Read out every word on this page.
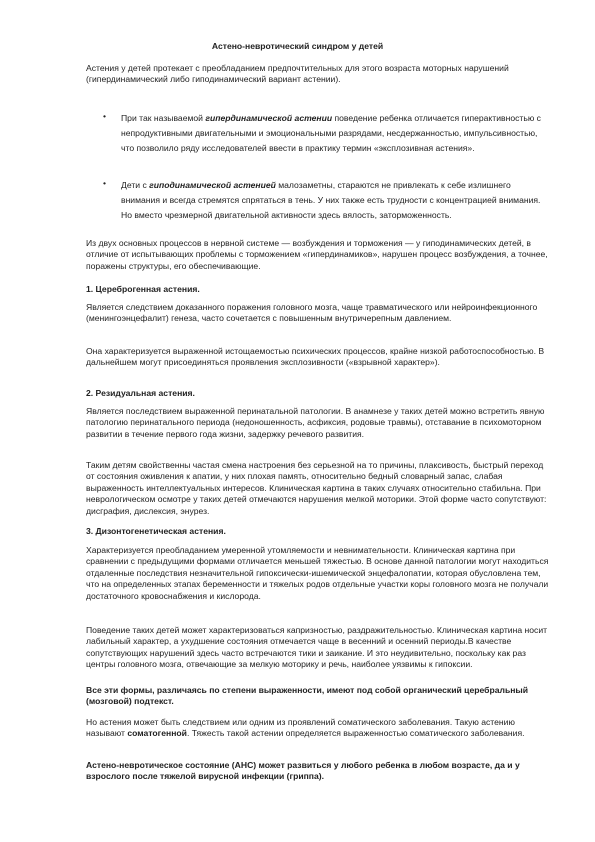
Астено-невротический синдром у детей

Астения у детей протекает с преобладанием предпочтительных для этого возраста моторных нарушений (гипердинамический либо гиподинамический вариант астении).

•	При так называемой гипердинамической астении поведение ребенка отличается гиперактивностью с непродуктивными двигательными и эмоциональными разрядами, несдержанностью, импульсивностью, что позволило ряду исследователей ввести в практику термин «эксплозивная астения».
•	Дети с гиподинамической астенией малозаметны, стараются не привлекать к себе излишнего внимания и всегда стремятся спрятаться в тень. У них также есть трудности с концентрацией внимания. Но вместо чрезмерной двигательной активности здесь вялость, заторможенность.

Из двух основных процессов в нервной системе — возбуждения и торможения — у гиподинамических детей, в отличие от испытывающих проблемы с торможением «гипердинамиков», нарушен процесс возбуждения, а точнее, поражены структуры, его обеспечивающие.

1. Цереброгенная астения.

Является следствием доказанного поражения головного мозга, чаще травматического или нейроинфекционного (менингоэнцефалит) генеза, часто сочетается с повышенным внутричерепным давлением.

Она характеризуется выраженной истощаемостью психических процессов, крайне низкой работоспособностью. В дальнейшем могут присоединяться проявления эксплозивности («взрывной характер»).

2. Резидуальная астения.

Является последствием выраженной перинатальной патологии. В анамнезе у таких детей можно встретить явную патологию перинатального периода (недоношенность, асфиксия, родовые травмы), отставание в психомоторном развитии в течение первого года жизни, задержку речевого развития.

Таким детям свойственны частая смена настроения без серьезной на то причины, плаксивость, быстрый переход от состояния оживления к апатии, у них плохая память, относительно бедный словарный запас, слабая выраженность интеллектуальных интересов. Клиническая картина в таких случаях относительно стабильна. При неврологическом осмотре у таких детей отмечаются нарушения мелкой моторики. Этой форме часто сопутствуют: дисграфия, дислексия, энурез.

3. Дизонтогенетическая астения.

Характеризуется преобладанием умеренной утомляемости и невнимательности. Клиническая картина при сравнении с предыдущими формами отличается меньшей тяжестью. В основе данной патологии могут находиться отдаленные последствия незначительной гипоксически-ишемической энцефалопатии, которая обусловлена тем, что на определенных этапах беременности и тяжелых родов отдельные участки коры головного мозга не получали достаточного кровоснабжения и кислорода.

Поведение таких детей может характеризоваться капризностью, раздражительностью. Клиническая картина носит лабильный характер, а ухудшение состояния отмечается чаще в весенний и осенний периоды.В качестве сопутствующих нарушений здесь часто встречаются тики и заикание. И это неудивительно, поскольку как раз центры головного мозга, отвечающие за мелкую моторику и речь, наиболее уязвимы к гипоксии.

Все эти формы, различаясь по степени выраженности, имеют под собой органический церебральный (мозговой) подтекст.

Но астения может быть следствием или одним из проявлений соматического заболевания. Такую астению называют соматогенной. Тяжесть такой астении определяется выраженностью соматического заболевания.

Астено-невротическое состояние (АНС) может развиться у любого ребенка в любом возрасте, да и у взрослого после тяжелой вирусной инфекции (гриппа).
